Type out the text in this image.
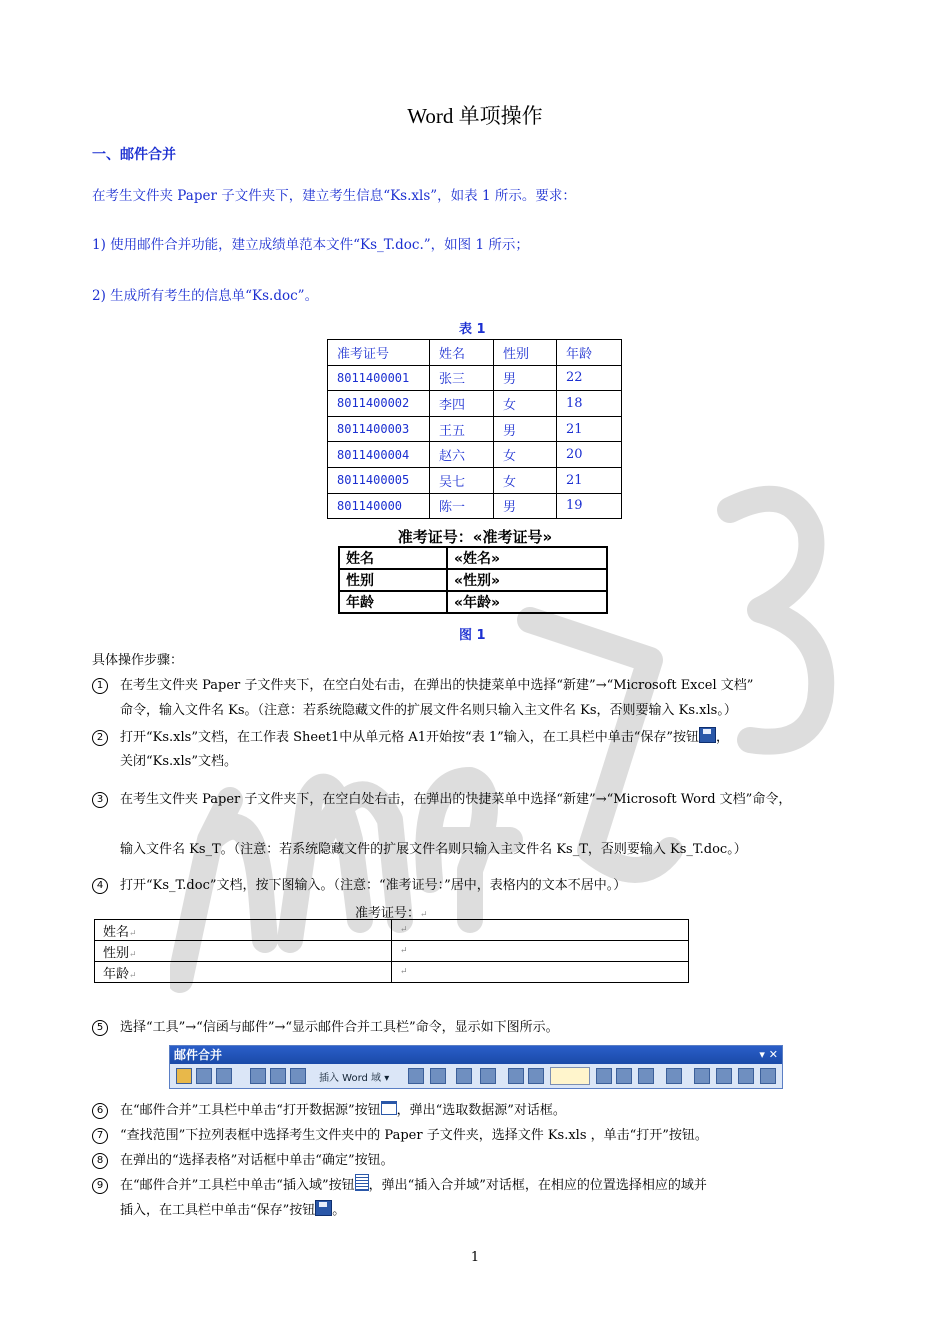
Word 单项操作
一、邮件合并
在考生文件夹 Paper 子文件夹下，建立考生信息“Ks.xls”，如表 1 所示。要求：
1) 使用邮件合并功能，建立成绩单范本文件“Ks_T.doc.”，如图 1 所示；
2) 生成所有考生的信息单“Ks.doc”。
表 1
准考证号	姓名	性别	年龄
8011400001	张三	男	22
8011400002	李四	女	18
8011400003	王五	男	21
8011400004	赵六	女	20
8011400005	吴七	女	21
801140000	陈一	男	19
准考证号：«准考证号»
姓名	«姓名»
性别	«性别»
年龄	«年龄»
图 1
具体操作步骤：
1 在考生文件夹 Paper 子文件夹下，在空白处右击，在弹出的快捷菜单中选择“新建”→“Microsoft Excel 文档”
命令，输入文件名 Ks。（注意：若系统隐藏文件的扩展文件名则只输入主文件名 Ks，否则要输入 Ks.xls。）
2 打开“Ks.xls”文档，在工作表 Sheet1中从单元格 A1开始按“表 1”输入，在工具栏中单击“保存”按钮 ，
关闭“Ks.xls”文档。
3 在考生文件夹 Paper 子文件夹下，在空白处右击，在弹出的快捷菜单中选择“新建”→“Microsoft Word 文档”命令，
输入文件名 Ks_T。（注意：若系统隐藏文件的扩展文件名则只输入主文件名 Ks_T，否则要输入 Ks_T.doc。）
4 打开“Ks_T.doc”文档，按下图输入。（注意：“准考证号：”居中，表格内的文本不居中。）
准考证号：↵
姓名↵	↵
性别↵	↵
年龄↵	↵
5 选择“工具”→“信函与邮件”→“显示邮件合并工具栏”命令，显示如下图所示。
邮件合并	▾ ✕
插入 Word 域 ▾
6 在“邮件合并”工具栏中单击“打开数据源”按钮 ，弹出“选取数据源”对话框。
7 “查找范围”下拉列表框中选择考生文件夹中的 Paper 子文件夹，选择文件 Ks.xls ，单击“打开”按钮。
8 在弹出的“选择表格”对话框中单击“确定”按钮。
9 在“邮件合并”工具栏中单击“插入域”按钮 ，弹出“插入合并域”对话框，在相应的位置选择相应的域并
插入，在工具栏中单击“保存”按钮 。
1
